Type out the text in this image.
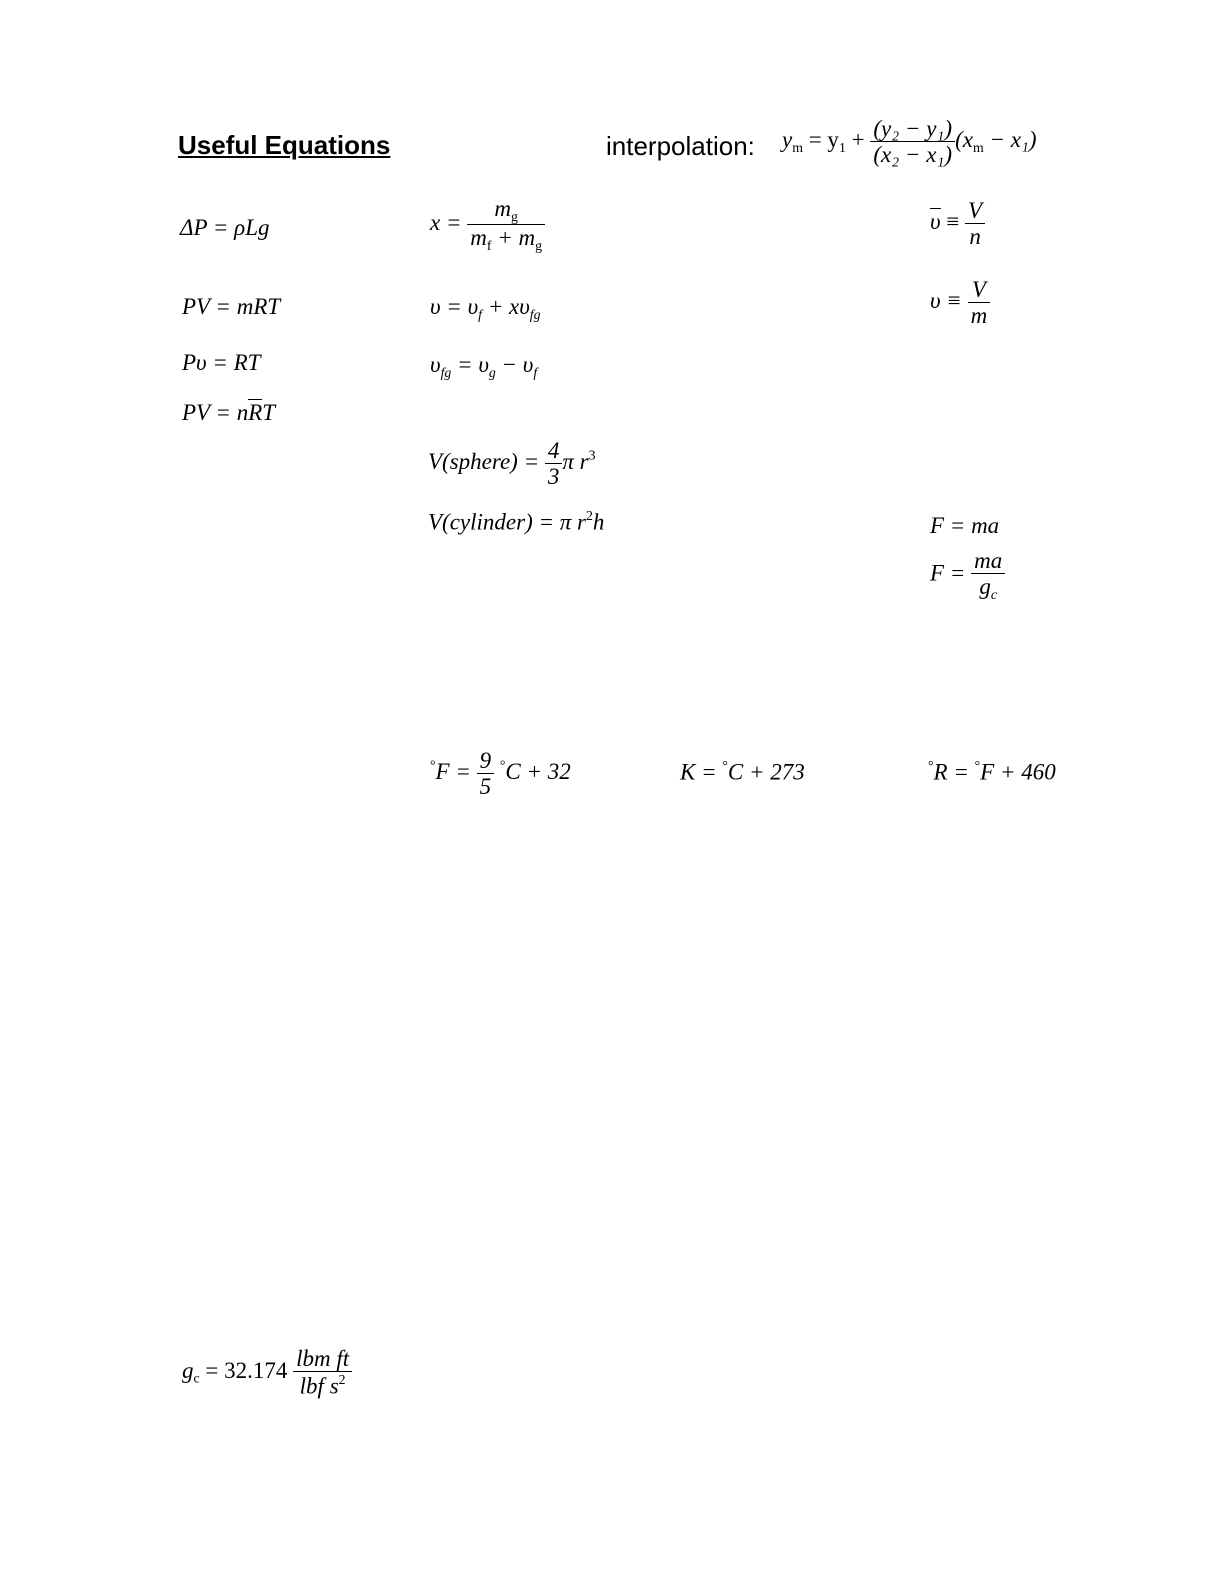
Useful Equations	interpolation: $y_m = y_1 + \frac{\text{(y₂ − y₁)}}{\text{(x₂ − x₁)}} (x_m - x_1)$
ΔP = ρLg
PV = mRT
Pυ = RT
PV = nRT
$x = \frac{m_g}{m_f + m_g}$
$\upsilon = \upsilon_f + x\upsilon_{fg}$
$\upsilon_{fg} = \upsilon_g - \upsilon_f$
V(sphere) = $\frac{4}{3}$ π $r^3$
V(cylinder) = π $r^2h$
$\upsilon \equiv \frac{V}{n}$
$\upsilon \equiv \frac{V}{m}$
F = ma
$F = \frac{ma}{g_c}$
$^\circ F = \frac{9}{5} ^\circ C + 32$	K = °C + 273	°R = °F + 460
$g_c = 32.174 \frac{\text{lbm ft}}{lbf s^2}$
